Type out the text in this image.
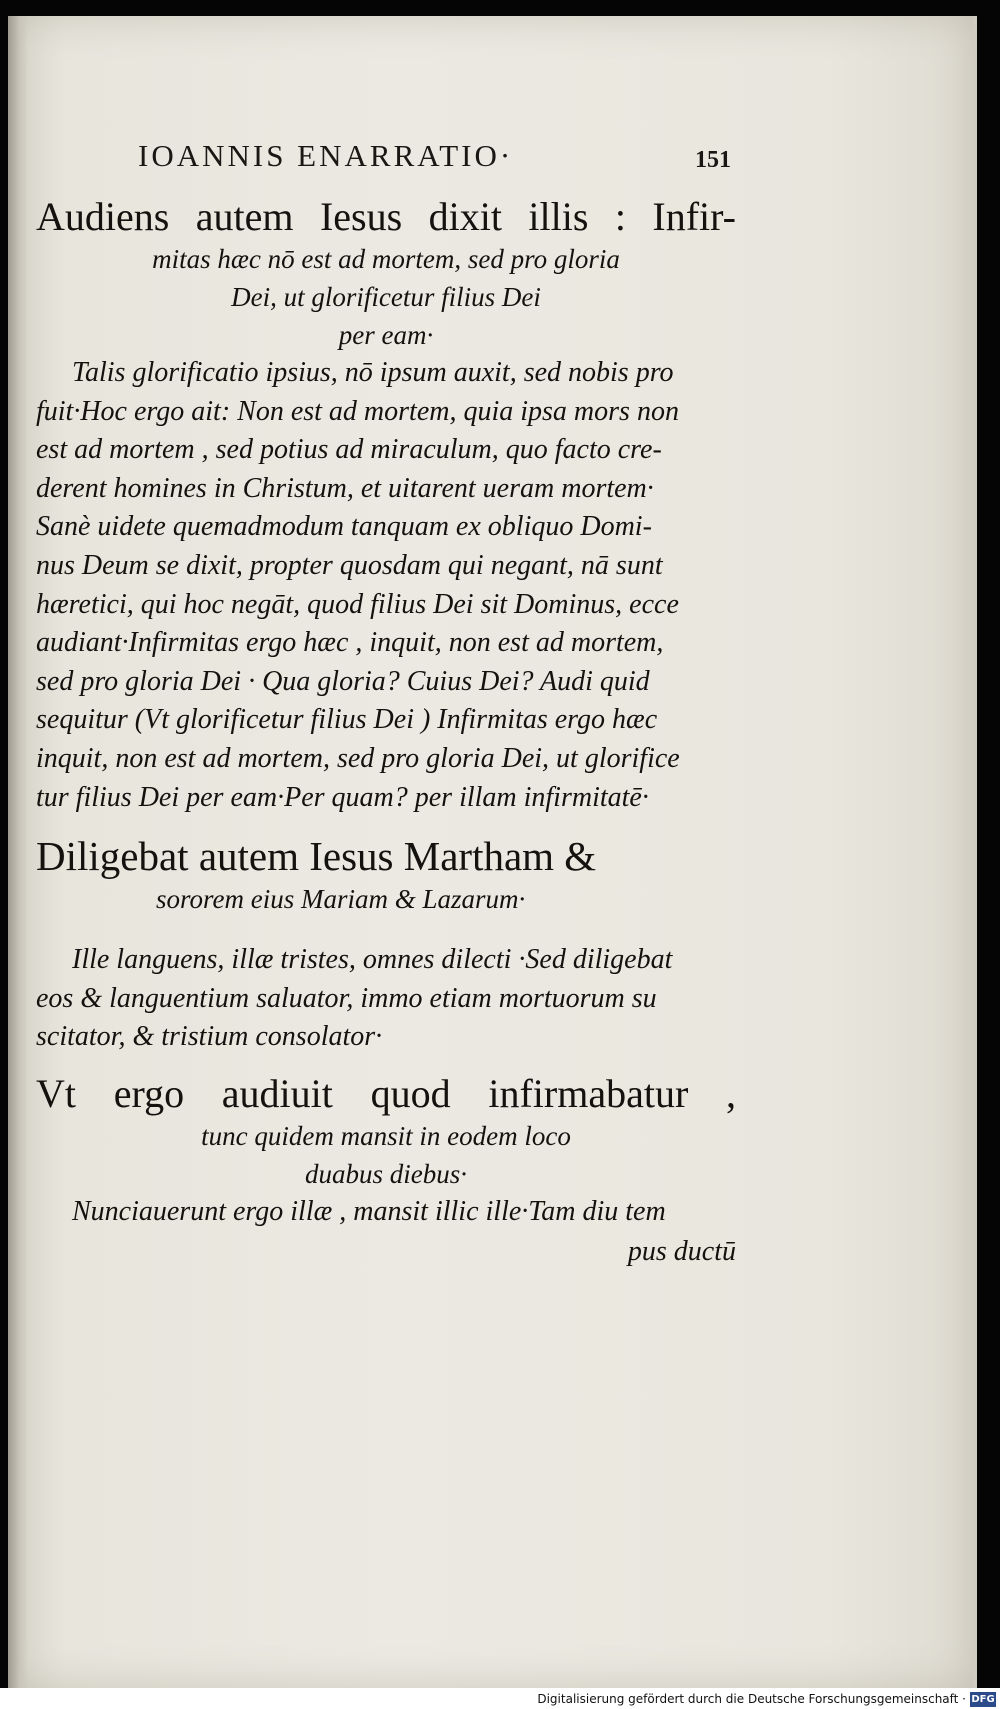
IOANNIS ENARRATIO·	151
Audiens autem Iesus dixit illis : Infir-
mitas hæc nō est ad mortem, sed pro gloria
Dei, ut glorificetur filius Dei
per eam·
Talis glorificatio ipsius, nō ipsum auxit, sed nobis pro
fuit·Hoc ergo ait: Non est ad mortem, quia ipsa mors non
est ad mortem , sed potius ad miraculum, quo facto cre-
derent homines in Christum, et uitarent ueram mortem·
Sanè uidete quemadmodum tanquam ex obliquo Domi-
nus Deum se dixit, propter quosdam qui negant, nā sunt
hæretici, qui hoc negāt, quod filius Dei sit Dominus, ecce
audiant·Infirmitas ergo hæc , inquit, non est ad mortem,
sed pro gloria Dei · Qua gloria? Cuius Dei? Audi quid
sequitur (Vt glorificetur filius Dei ) Infirmitas ergo hæc
inquit, non est ad mortem, sed pro gloria Dei, ut glorifice
tur filius Dei per eam·Per quam? per illam infirmitatē·
Diligebat autem Iesus Martham &
sororem eius Mariam & Lazarum·
Ille languens, illæ tristes, omnes dilecti ·Sed diligebat
eos & languentium saluator, immo etiam mortuorum su
scitator, & tristium consolator·
Vt ergo audiuit quod infirmabatur ,
tunc quidem mansit in eodem loco
duabus diebus·
Nunciauerunt ergo illæ , mansit illic ille·Tam diu tem
pus ductū
Digitalisierung gefördert durch die Deutsche Forschungsgemeinschaft · DFG
